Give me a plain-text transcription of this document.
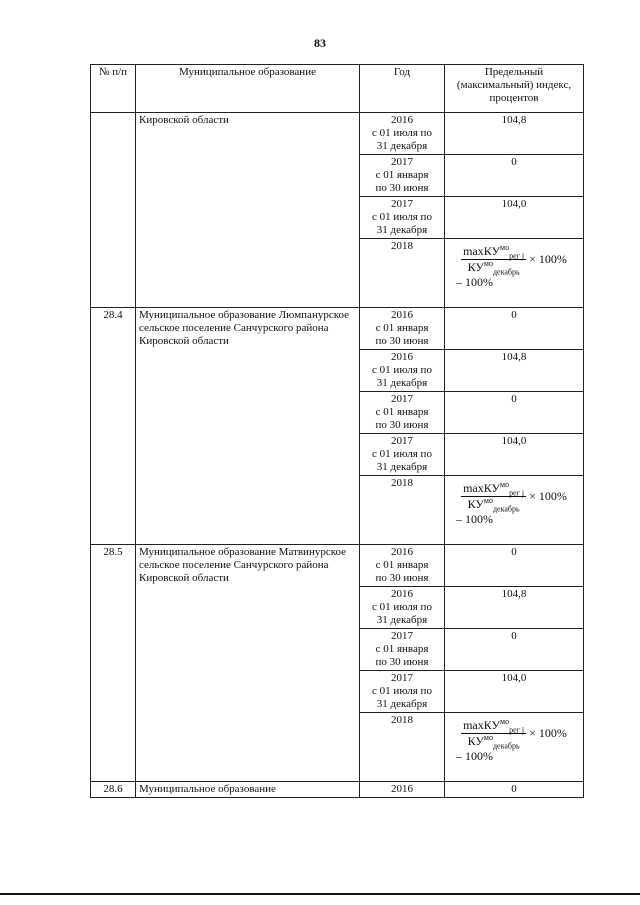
83
№ п/п	Муниципальное образование	Год	Предельный (максимальный) индекс, процентов

	Кировской области	2016
с 01 июля по
31 декабря	104,8
		2017
с 01 января
по 30 июня	0
		2017
с 01 июля по
31 декабря	104,0
		2018	$\frac{\max КУ^{мо}_{рег j}}{КУ^{мо}_{декабрь}} \times 100\%$
– 100%

28.4	Муниципальное образование Люмпанурское сельское поселение Санчурского района Кировской области	2016
с 01 января
по 30 июня	0
		2016
с 01 июля по
31 декабря	104,8
		2017
с 01 января
по 30 июня	0
		2017
с 01 июля по
31 декабря	104,0
		2018	$\frac{\max КУ^{мо}_{рег j}}{КУ^{мо}_{декабрь}} \times 100\%$
– 100%

28.5	Муниципальное образование Матвинурское сельское поселение Санчурского района Кировской области	2016
с 01 января
по 30 июня	0
		2016
с 01 июля по
31 декабря	104,8
		2017
с 01 января
по 30 июня	0
		2017
с 01 июля по
31 декабря	104,0
		2018	$\frac{\max КУ^{мо}_{рег j}}{КУ^{мо}_{декабрь}} \times 100\%$
– 100%

28.6	Муниципальное образование	2016	0
